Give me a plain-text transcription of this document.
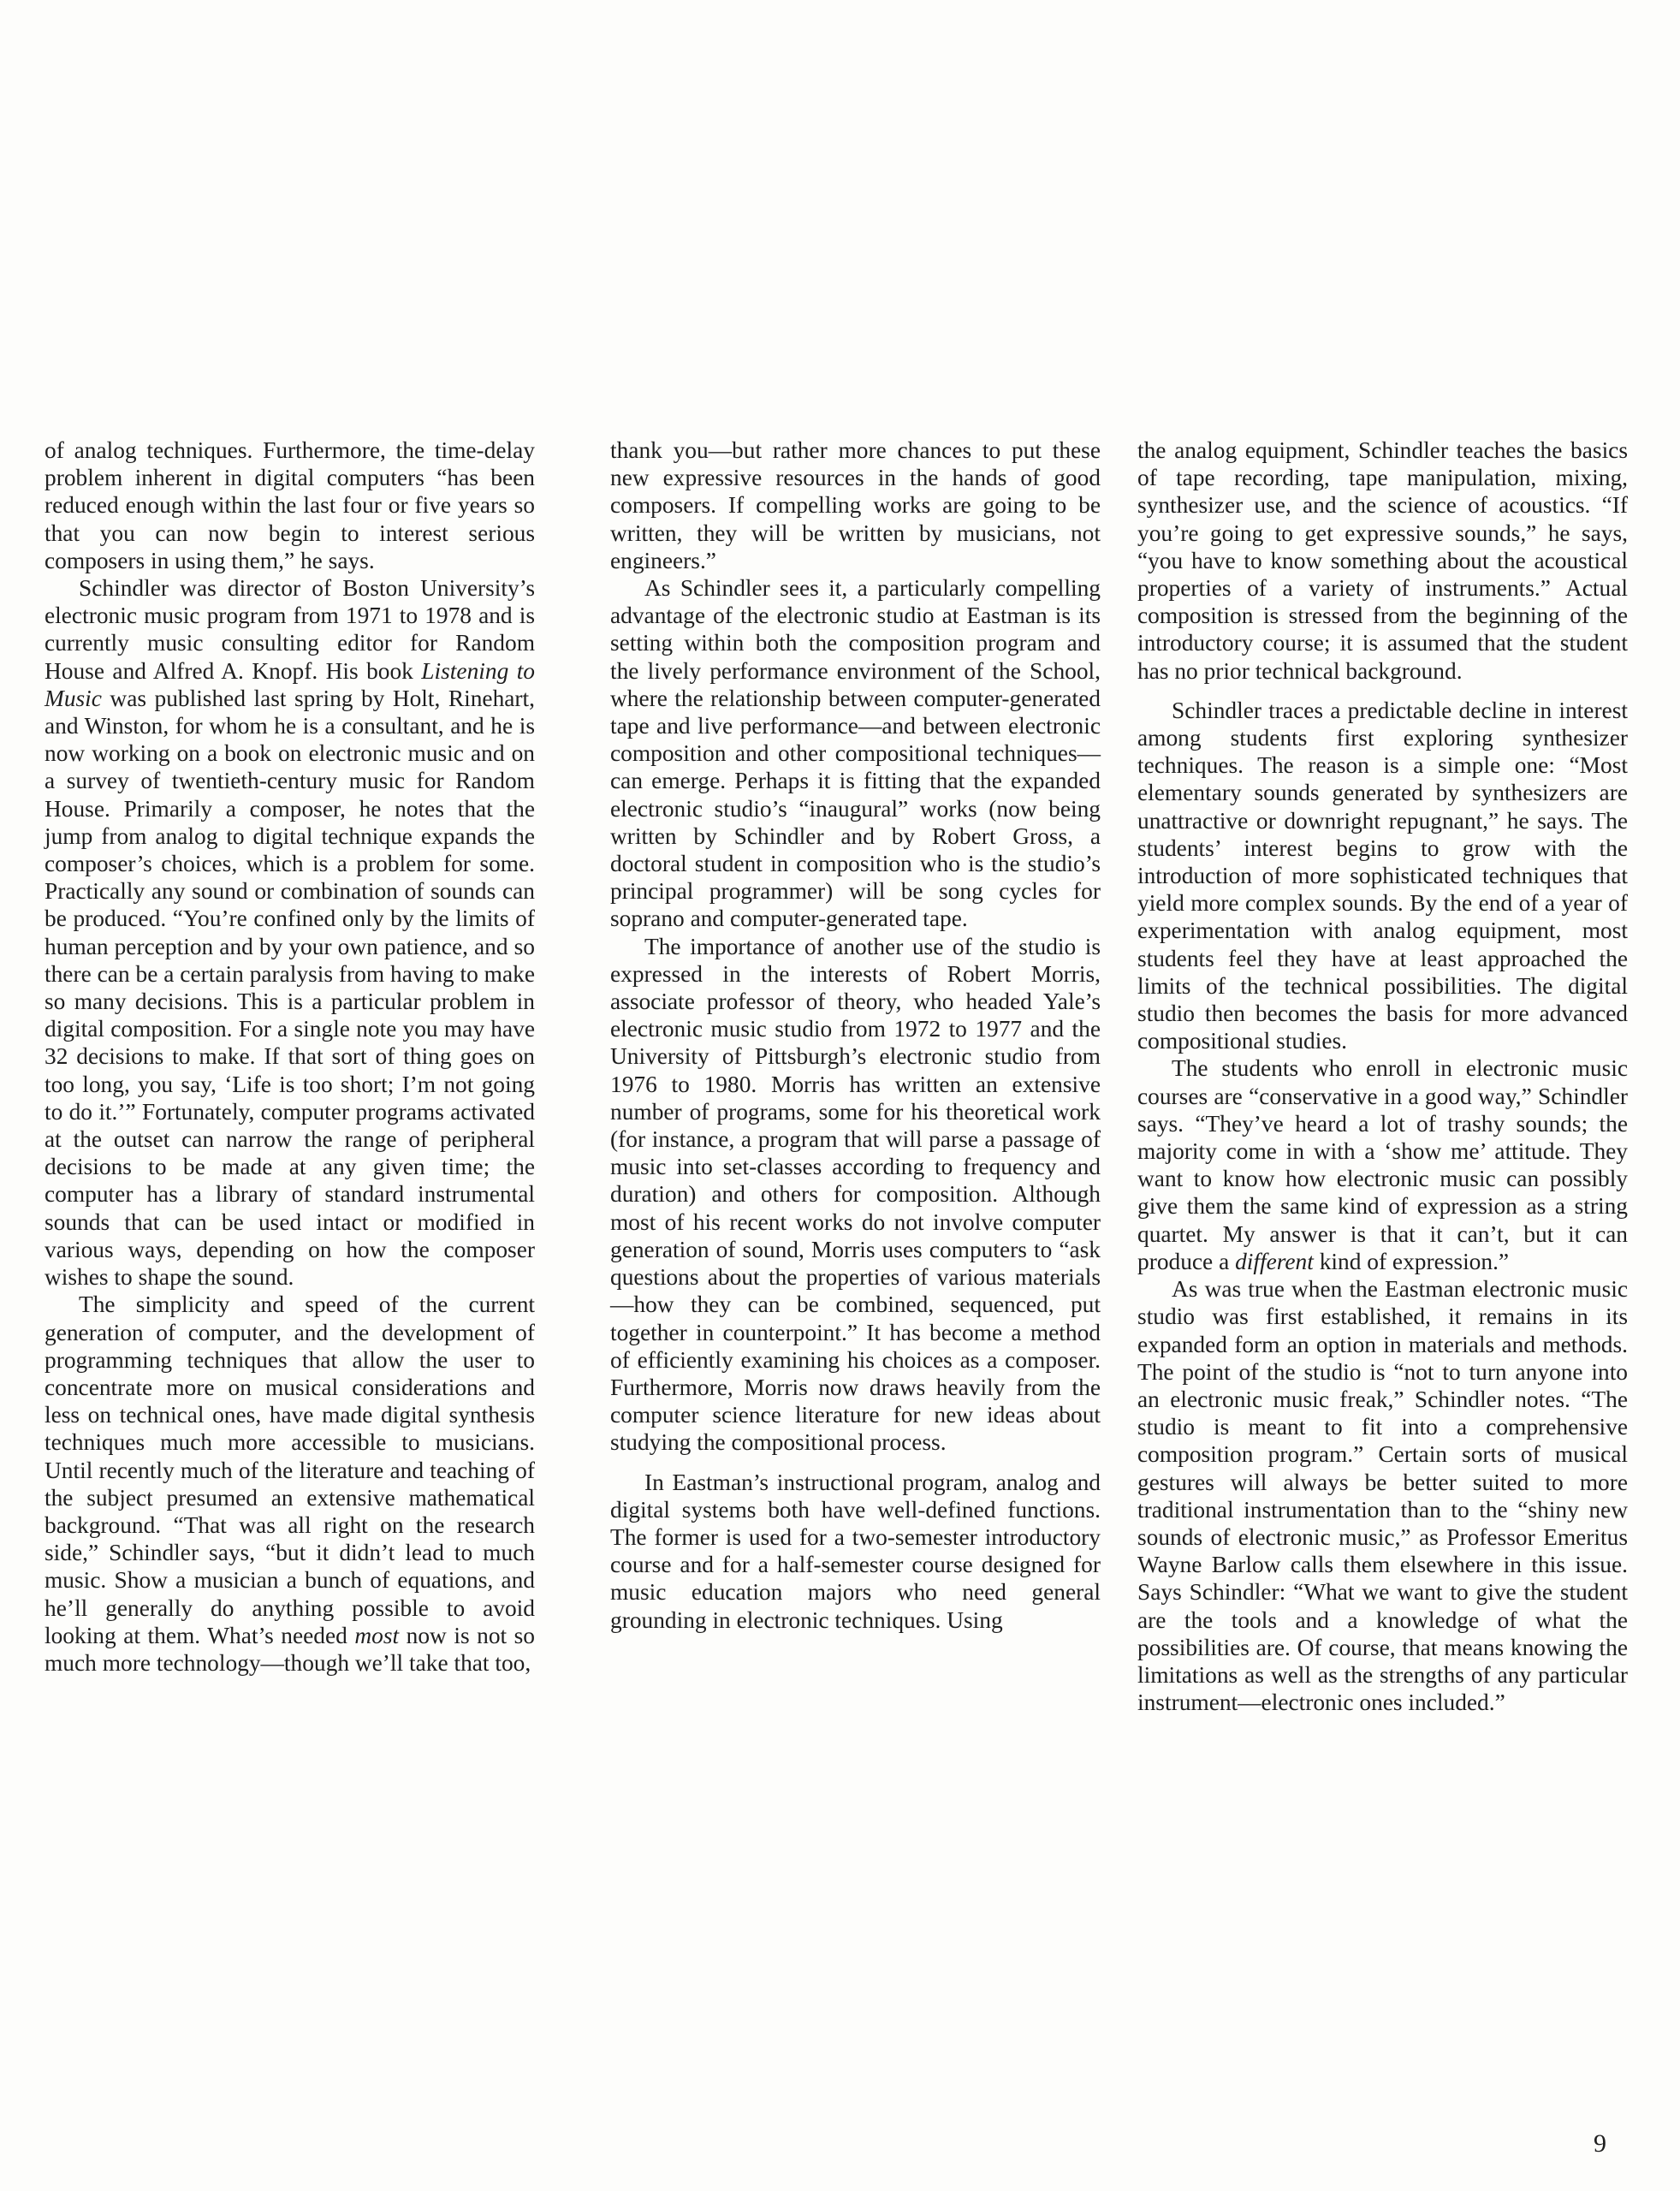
of analog techniques. Furthermore, the time-delay problem inherent in digital computers “has been reduced enough within the last four or five years so that you can now begin to interest serious composers in using them,” he says.

Schindler was director of Boston University’s electronic music program from 1971 to 1978 and is currently music consulting editor for Random House and Alfred A. Knopf. His book Listening to Music was published last spring by Holt, Rinehart, and Winston, for whom he is a consultant, and he is now working on a book on electronic music and on a survey of twentieth-century music for Random House. Primarily a composer, he notes that the jump from analog to digital technique expands the composer’s choices, which is a problem for some. Practically any sound or combination of sounds can be produced. “You’re confined only by the limits of human perception and by your own patience, and so there can be a certain paralysis from having to make so many decisions. This is a particular problem in digital composition. For a single note you may have 32 decisions to make. If that sort of thing goes on too long, you say, ‘Life is too short; I’m not going to do it.’” Fortunately, computer programs activated at the outset can narrow the range of peripheral decisions to be made at any given time; the computer has a library of standard instrumental sounds that can be used intact or modified in various ways, depending on how the composer wishes to shape the sound.

The simplicity and speed of the current generation of computer, and the development of programming techniques that allow the user to concentrate more on musical considerations and less on technical ones, have made digital synthesis techniques much more accessible to musicians. Until recently much of the literature and teaching of the subject presumed an extensive mathematical background. “That was all right on the research side,” Schindler says, “but it didn’t lead to much music. Show a musician a bunch of equations, and he’ll generally do anything possible to avoid looking at them. What’s needed most now is not so much more technology—though we’ll take that too,

thank you—but rather more chances to put these new expressive resources in the hands of good composers. If compelling works are going to be written, they will be written by musicians, not engineers.”

As Schindler sees it, a particularly compelling advantage of the electronic studio at Eastman is its setting within both the composition program and the lively performance environment of the School, where the relationship between computer-generated tape and live performance—and between electronic composition and other compositional techniques—can emerge. Perhaps it is fitting that the expanded electronic studio’s “inaugural” works (now being written by Schindler and by Robert Gross, a doctoral student in composition who is the studio’s principal programmer) will be song cycles for soprano and computer-generated tape.

The importance of another use of the studio is expressed in the interests of Robert Morris, associate professor of theory, who headed Yale’s electronic music studio from 1972 to 1977 and the University of Pittsburgh’s electronic studio from 1976 to 1980. Morris has written an extensive number of programs, some for his theoretical work (for instance, a program that will parse a passage of music into set-classes according to frequency and duration) and others for composition. Although most of his recent works do not involve computer generation of sound, Morris uses computers to “ask questions about the properties of various materials—how they can be combined, sequenced, put together in counterpoint.” It has become a method of efficiently examining his choices as a composer. Furthermore, Morris now draws heavily from the computer science literature for new ideas about studying the compositional process.

In Eastman’s instructional program, analog and digital systems both have well-defined functions. The former is used for a two-semester introductory course and for a half-semester course designed for music education majors who need general grounding in electronic techniques. Using

the analog equipment, Schindler teaches the basics of tape recording, tape manipulation, mixing, synthesizer use, and the science of acoustics. “If you’re going to get expressive sounds,” he says, “you have to know something about the acoustical properties of a variety of instruments.” Actual composition is stressed from the beginning of the introductory course; it is assumed that the student has no prior technical background.

Schindler traces a predictable decline in interest among students first exploring synthesizer techniques. The reason is a simple one: “Most elementary sounds generated by synthesizers are unattractive or downright repugnant,” he says. The students’ interest begins to grow with the introduction of more sophisticated techniques that yield more complex sounds. By the end of a year of experimentation with analog equipment, most students feel they have at least approached the limits of the technical possibilities. The digital studio then becomes the basis for more advanced compositional studies.

The students who enroll in electronic music courses are “conservative in a good way,” Schindler says. “They’ve heard a lot of trashy sounds; the majority come in with a ‘show me’ attitude. They want to know how electronic music can possibly give them the same kind of expression as a string quartet. My answer is that it can’t, but it can produce a different kind of expression.”

As was true when the Eastman electronic music studio was first established, it remains in its expanded form an option in materials and methods. The point of the studio is “not to turn anyone into an electronic music freak,” Schindler notes. “The studio is meant to fit into a comprehensive composition program.” Certain sorts of musical gestures will always be better suited to more traditional instrumentation than to the “shiny new sounds of electronic music,” as Professor Emeritus Wayne Barlow calls them elsewhere in this issue. Says Schindler: “What we want to give the student are the tools and a knowledge of what the possibilities are. Of course, that means knowing the limitations as well as the strengths of any particular instrument—electronic ones included.”

9
